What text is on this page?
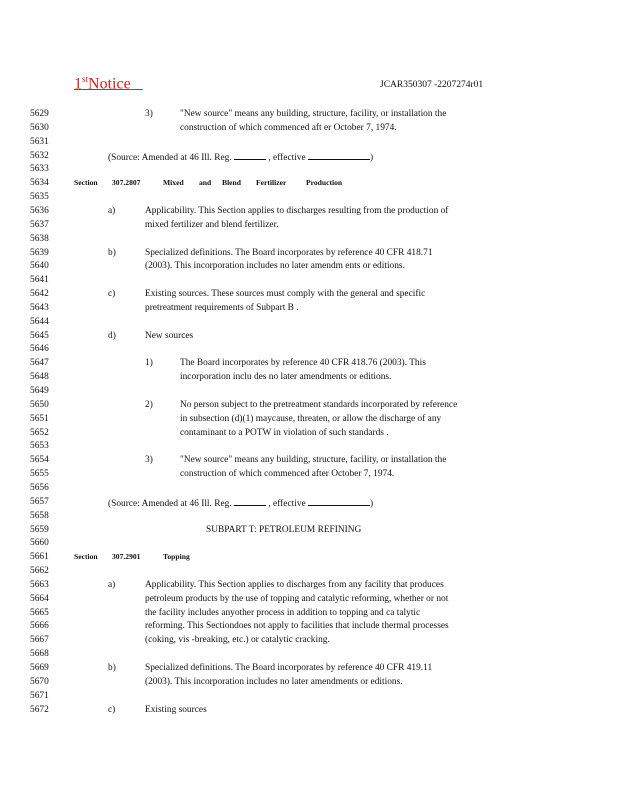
1stNotice	JCAR350307 -2207274r01
5629	3)	"New source" means any building, structure, facility, or installation the
5630	construction of which commenced aft er October 7, 1974.
5631
5632	(Source: Amended at 46 Ill. Reg.	, effective	)
5633
5634	Section 307.2807	Mixed and Blend Fertilizer	Production
5635
5636	a)	Applicability. This Section applies to discharges resulting from the production of
5637	mixed fertilizer and blend fertilizer.
5638
5639	b)	Specialized definitions. The Board incorporates by reference 40 CFR 418.71
5640	(2003). This incorporation includes no later amendm ents or editions.
5641
5642	c)	Existing sources. These sources must comply with the general and specific
5643	pretreatment requirements of Subpart B .
5644
5645	d)	New sources
5646
5647	1)	The Board incorporates by reference 40 CFR 418.76 (2003). This
5648	incorporation inclu des no later amendments or editions.
5649
5650	2)	No person subject to the pretreatment standards incorporated by reference
5651	in subsection (d)(1) maycause, threaten, or allow the discharge of any
5652	contaminant to a POTW in violation of such standards .
5653
5654	3)	"New source" means any building, structure, facility, or installation the
5655	construction of which commenced after October 7, 1974.
5656
5657	(Source: Amended at 46 Ill. Reg.	, effective	)
5658
5659	SUBPART T: PETROLEUM REFINING
5660
5661	Section 307.2901	Topping
5662
5663	a)	Applicability. This Section applies to discharges from any facility that produces
5664	petroleum products by the use of topping and catalytic reforming, whether or not
5665	the facility includes anyother process in addition to topping and ca talytic
5666	reforming. This Sectiondoes not apply to facilities that include thermal processes
5667	(coking, vis -breaking, etc.) or catalytic cracking.
5668
5669	b)	Specialized definitions. The Board incorporates by reference 40 CFR 419.11
5670	(2003). This incorporation includes no later amendments or editions.
5671
5672	c)	Existing sources
